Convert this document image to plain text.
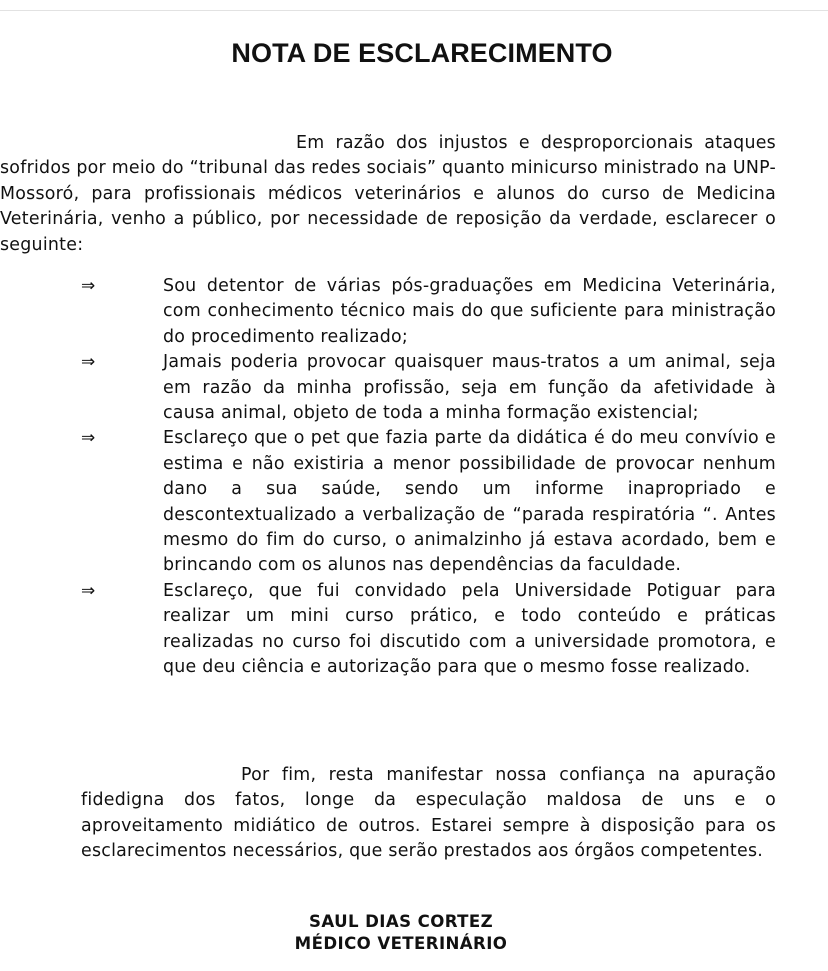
NOTA DE ESCLARECIMENTO

Em razão dos injustos e desproporcionais ataques sofridos por meio do “tribunal das redes sociais” quanto minicurso ministrado na UNP-Mossoró, para profissionais médicos veterinários e alunos do curso de Medicina Veterinária, venho a público, por necessidade de reposição da verdade, esclarecer o seguinte:

⇒	Sou detentor de várias pós-graduações em Medicina Veterinária, com conhecimento técnico mais do que suficiente para ministração do procedimento realizado;
⇒	Jamais poderia provocar quaisquer maus-tratos a um animal, seja em razão da minha profissão, seja em função da afetividade à causa animal, objeto de toda a minha formação existencial;
⇒	Esclareço que o pet que fazia parte da didática é do meu convívio e estima e não existiria a menor possibilidade de provocar nenhum dano a sua saúde, sendo um informe inapropriado e descontextualizado a verbalização de “parada respiratória “. Antes mesmo do fim do curso, o animalzinho já estava acordado, bem e brincando com os alunos nas dependências da faculdade.
⇒	Esclareço, que fui convidado pela Universidade Potiguar para realizar um mini curso prático, e todo conteúdo e práticas realizadas no curso foi discutido com a universidade promotora, e que deu ciência e autorização para que o mesmo fosse realizado.

Por fim, resta manifestar nossa confiança na apuração fidedigna dos fatos, longe da especulação maldosa de uns e o aproveitamento midiático de outros. Estarei sempre à disposição para os esclarecimentos necessários, que serão prestados aos órgãos competentes.

SAUL DIAS CORTEZ
MÉDICO VETERINÁRIO
